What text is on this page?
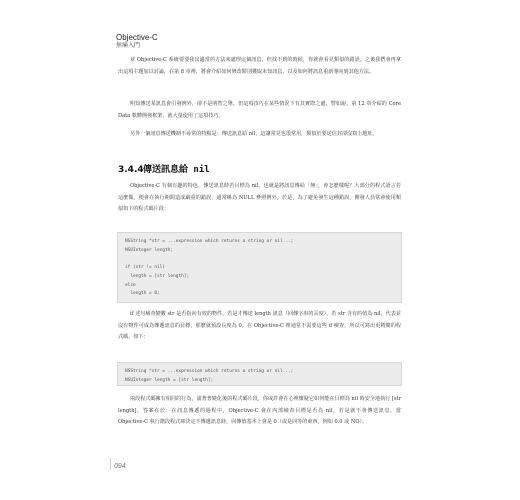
Objective-C
無痛入門

章 Objective-C 系統要要我出適當的方法來處理這個訊息，但找不到的時候，你就會看見類似的錯誤。之後我們會再拿出這項主題加以討論，在第 8 章裡，將會介紹如何修改類別獲取未知訊息，以及如何將訊息重新導向到其他方法。

明知傳送某訊息會引發例外，卻不是明智之舉，但這項技巧在某些情況下有其實際之處，譬如說，第 12 章介紹的 Core Data 軟體開發框架，就大量使用了這項技巧。

另外一個訊息傳送機制不尋常的特點是：傳送訊息給 nil，這讓常見也很常用，類似於要送信封卻沒寫上地址。

3.4.4傳送訊息給 nil

Objective-C 有個有趣的特色，傳送訊息時若目標為 nil，也就是將訊息傳給「無」，會怎麼樣呢？大部分的程式語言若這麼做，便會在執行期間造成嚴重的錯誤，通常稱為 NULL 參照例外。於是，為了避免發生這種錯誤，開發人員常會使用類似如下的程式碼片段：

NSString *str = ...expression which returns a string or nil...;
NSUInteger length;

if (str != nil)
length = [str length];
else
length = 0;

if 述句檢查變數 str 是否指向有效的物件，若是才傳送 length 訊息（回傳字串的長度），若 str 含有的值為 nil，代表並沒有物件可成為傳遞訊息的目標，那麼就預設長度為 0。在 Objective-C 裡通常不需要這些 if 檢查，所以可寫出更精簡的程式碼，如下：

NSString *str = ...expression which returns a string or nil...;
NSUInteger length = [str length];

兩段程式碼擁有相同的行為，請著著變化後的程式碼片段，你或許會在心裡懷疑它如何能在目標為 nil 時安全地執行 [str length]，答案在於：在訊息傳遞的過程中，Objective-C 會在內部檢查目標是否為 nil，若是就不會傳送訊息，當 Objective-C 執行階段程式庫決定不傳遞訊息時，回傳值基本上會是 0（或是同等的東西，例如 0.0 或 NO）。

094
